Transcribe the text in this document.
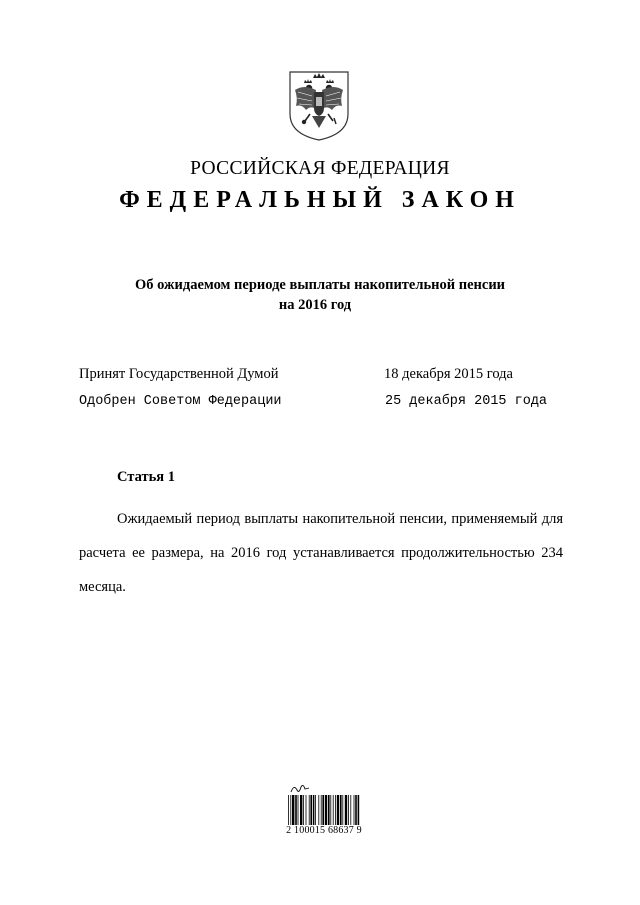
РОССИЙСКАЯ ФЕДЕРАЦИЯ
ФЕДЕРАЛЬНЫЙ ЗАКОН
Об ожидаемом периоде выплаты накопительной пенсии
на 2016 год
Принят Государственной Думой	18 декабря 2015 года
Одобрен Советом Федерации	25 декабря 2015 года
Статья 1
Ожидаемый период выплаты накопительной пенсии, применяемый для расчета ее размера, на 2016 год устанавливается продолжительностью 234 месяца.
2 100015 68637 9
